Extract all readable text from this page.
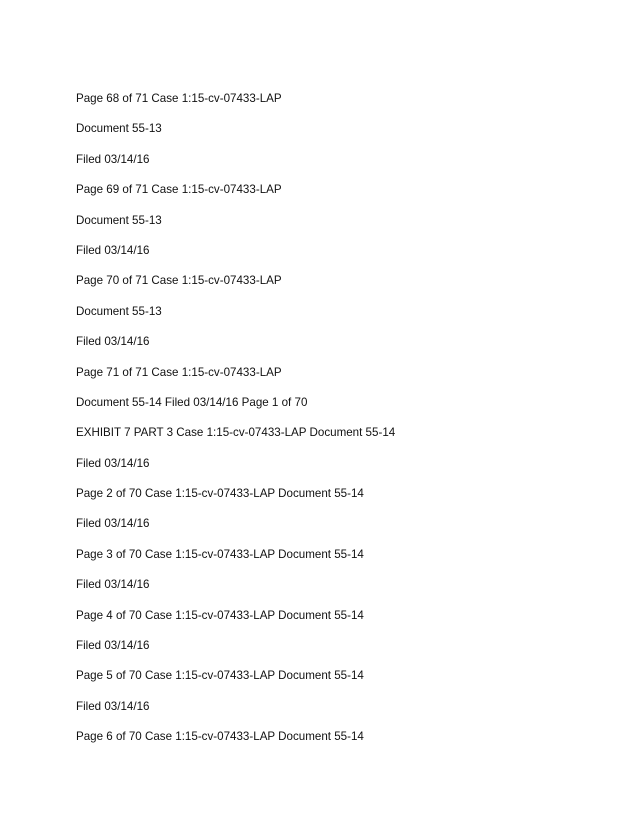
Page 68 of 71 Case 1:15-cv-07433-LAP
Document 55-13
Filed 03/14/16
Page 69 of 71 Case 1:15-cv-07433-LAP
Document 55-13
Filed 03/14/16
Page 70 of 71 Case 1:15-cv-07433-LAP
Document 55-13
Filed 03/14/16
Page 71 of 71 Case 1:15-cv-07433-LAP
Document 55-14 Filed 03/14/16 Page 1 of 70
EXHIBIT 7 PART 3 Case 1:15-cv-07433-LAP Document 55-14
Filed 03/14/16
Page 2 of 70 Case 1:15-cv-07433-LAP Document 55-14
Filed 03/14/16
Page 3 of 70 Case 1:15-cv-07433-LAP Document 55-14
Filed 03/14/16
Page 4 of 70 Case 1:15-cv-07433-LAP Document 55-14
Filed 03/14/16
Page 5 of 70 Case 1:15-cv-07433-LAP Document 55-14
Filed 03/14/16
Page 6 of 70 Case 1:15-cv-07433-LAP Document 55-14
